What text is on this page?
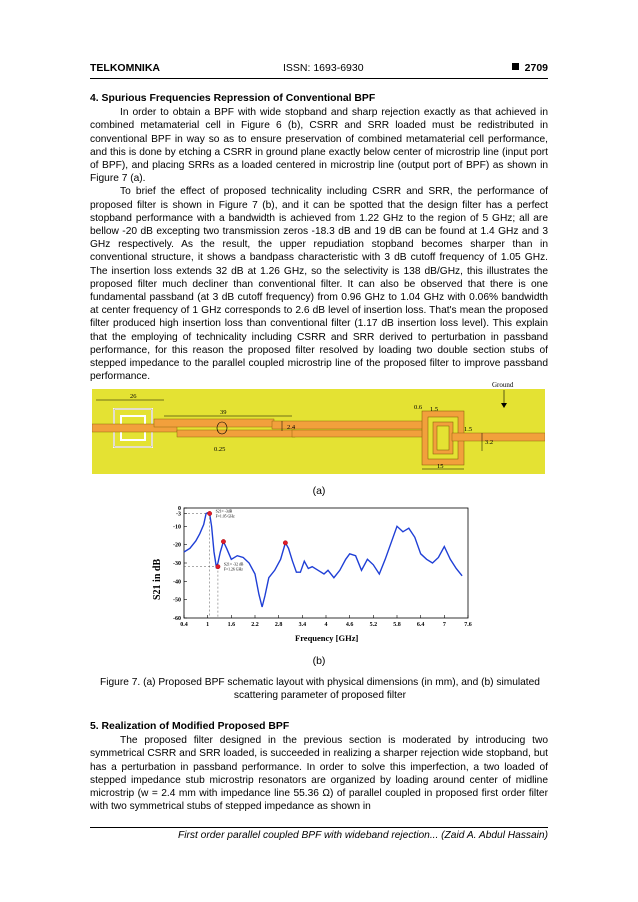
TELKOMNIKA	ISSN: 1693-6930	2709
4. Spurious Frequencies Repression of Conventional BPF

In order to obtain a BPF with wide stopband and sharp rejection exactly as that achieved in combined metamaterial cell in Figure 6 (b), CSRR and SRR loaded must be redistributed in conventional BPF in way so as to ensure preservation of combined metamaterial cell performance, and this is done by etching a CSRR in ground plane exactly below center of microstrip line (input port of BPF), and placing SRRs as a loaded centered in microstrip line (output port of BPF) as shown in Figure 7 (a).

To brief the effect of proposed technicality including CSRR and SRR, the performance of proposed filter is shown in Figure 7 (b), and it can be spotted that the design filter has a perfect stopband performance with a bandwidth is achieved from 1.22 GHz to the region of 5 GHz; all are bellow -20 dB excepting two transmission zeros -18.3 dB and 19 dB can be found at 1.4 GHz and 3 GHz respectively. As the result, the upper repudiation stopband becomes sharper than in conventional structure, it shows a bandpass characteristic with 3 dB cutoff frequency of 1.05 GHz. The insertion loss extends 32 dB at 1.26 GHz, so the selectivity is 138 dB/GHz, this illustrates the proposed filter much decliner than conventional filter. It can also be observed that there is one fundamental passband (at 3 dB cutoff frequency) from 0.96 GHz to 1.04 GHz with 0.06% bandwidth at center frequency of 1 GHz corresponds to 2.6 dB level of insertion loss. That's mean the proposed filter produced high insertion loss than conventional filter (1.17 dB insertion loss level). This explain that the employing of technicality including CSRR and SRR derived to perturbation in passband performance, for this reason the proposed filter resolved by loading two double section stubs of stepped impedance to the parallel coupled microstrip line of the proposed filter to improve passband performance.

Ground
26
39
2.4
0.25
0.6 1.5
1.5
3.2
15
(a)
0.4	1	1.6	2.2	2.8	3.4	4	4.6	5.2	5.8	6.4	7	7.6
0
-3
-10
-20
-30
-40
-50
-60
S21= -3dB
F=1.05 GHz
S21= -32 dB
F=1.26 GHz
Frequency [GHz]
S21 in dB
(b)
Figure 7. (a) Proposed BPF schematic layout with physical dimensions (in mm), and (b) simulated scattering parameter of proposed filter
5. Realization of Modified Proposed BPF

The proposed filter designed in the previous section is moderated by introducing two symmetrical CSRR and SRR loaded, is succeeded in realizing a sharper rejection wide stopband, but has a perturbation in passband performance. In order to solve this imperfection, a two loaded of stepped impedance stub microstrip resonators are organized by loading around center of midline microstrip (w = 2.4 mm with impedance line 55.36 Ω) of parallel coupled in proposed first order filter with two symmetrical stubs of stepped impedance as shown in

First order parallel coupled BPF with wideband rejection... (Zaid A. Abdul Hassain)
